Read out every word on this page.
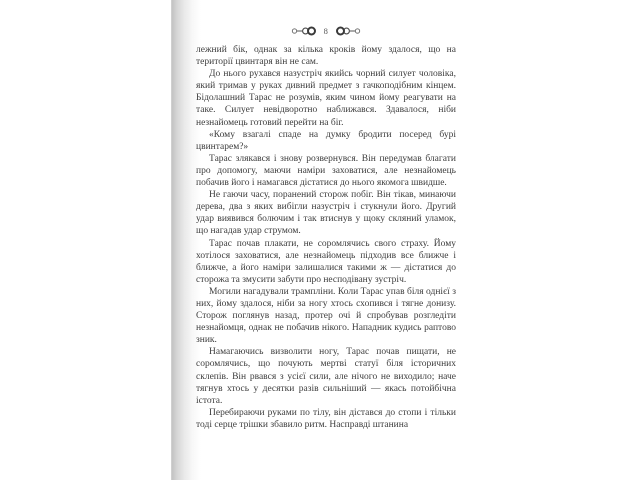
8

лежний бік, однак за кілька кроків йому здалося, що на території цвинтаря він не сам.

До нього рухався назустріч якийсь чорний силует чоловіка, який тримав у руках дивний предмет з гачкоподібним кінцем. Бідолашний Тарас не розумів, яким чином йому реагувати на таке. Силует невідворотно наближався. Здавалося, ніби незнайомець готовий перейти на біг.

«Кому взагалі спаде на думку бродити посеред бурі цвинтарем?»

Тарас злякався і знову розвернувся. Він передумав благати про допомогу, маючи наміри заховатися, але незнайомець побачив його і намагався дістатися до нього якомога швидше.

Не гаючи часу, поранений сторож побіг. Він тікав, минаючи дерева, два з яких вибігли назустріч і стукнули його. Другий удар виявився болючим і так втиснув у щоку скляний уламок, що нагадав удар струмом.

Тарас почав плакати, не соромлячись свого страху. Йому хотілося заховатися, але незнайомець підходив все ближче і ближче, а його наміри залишалися такими ж — дістатися до сторожа та змусити забути про несподівану зустріч.

Могили нагадували трампліни. Коли Тарас упав біля однієї з них, йому здалося, ніби за ногу хтось схопився і тягне донизу. Сторож поглянув назад, протер очі й спробував розгледіти незнайомця, однак не побачив нікого. Нападник кудись раптово зник.

Намагаючись визволити ногу, Тарас почав пищати, не соромлячись, що почують мертві статуї біля історичних склепів. Він рвався з усієї сили, але нічого не виходило; наче тягнув хтось у десятки разів сильніший — якась потойбічна істота.

Перебираючи руками по тілу, він дістався до стопи і тільки тоді серце трішки збавило ритм. Насправді штанина
